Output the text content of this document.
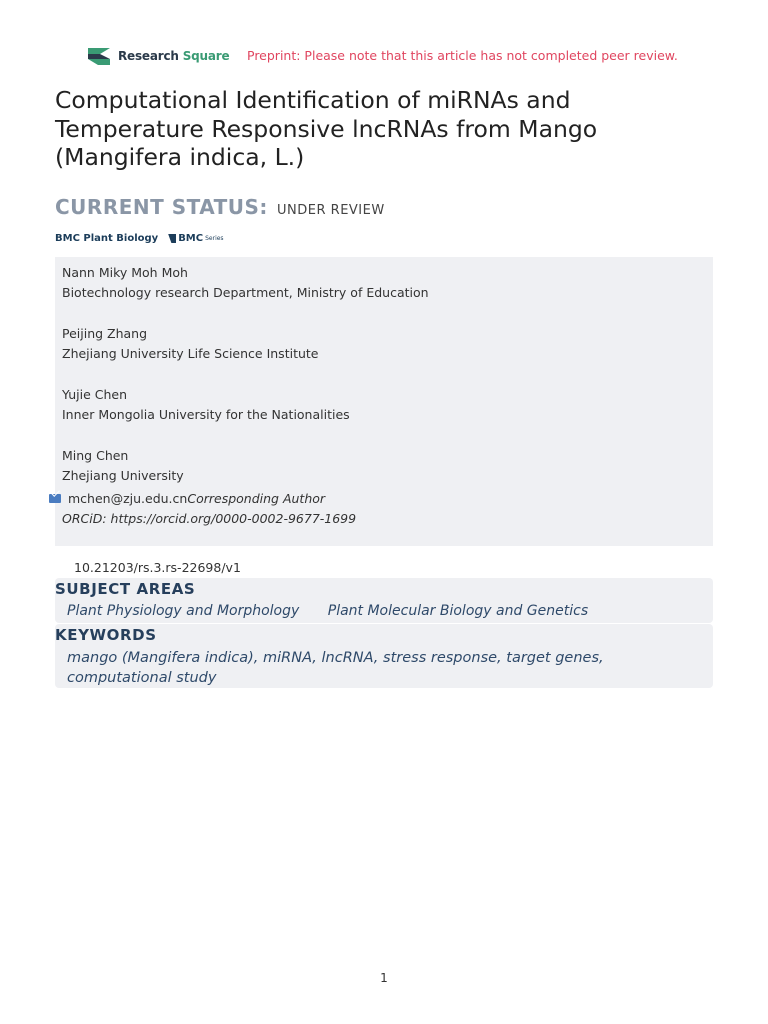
Research Square Preprint: Please note that this article has not completed peer review.
Computational Identification of miRNAs and Temperature Responsive lncRNAs from Mango (Mangifera indica, L.)
CURRENT STATUS: UNDER REVIEW
BMC Plant Biology BMC Series
Nann Miky Moh Moh
Biotechnology research Department, Ministry of Education
Peijing Zhang
Zhejiang University Life Science Institute
Yujie Chen
Inner Mongolia University for the Nationalities
Ming Chen
Zhejiang University
mchen@zju.edu.cn Corresponding Author
ORCiD: https://orcid.org/0000-0002-9677-1699
10.21203/rs.3.rs-22698/v1
SUBJECT AREAS
Plant Physiology and Morphology Plant Molecular Biology and Genetics
KEYWORDS
mango (Mangifera indica), miRNA, lncRNA, stress response, target genes, computational study
1
